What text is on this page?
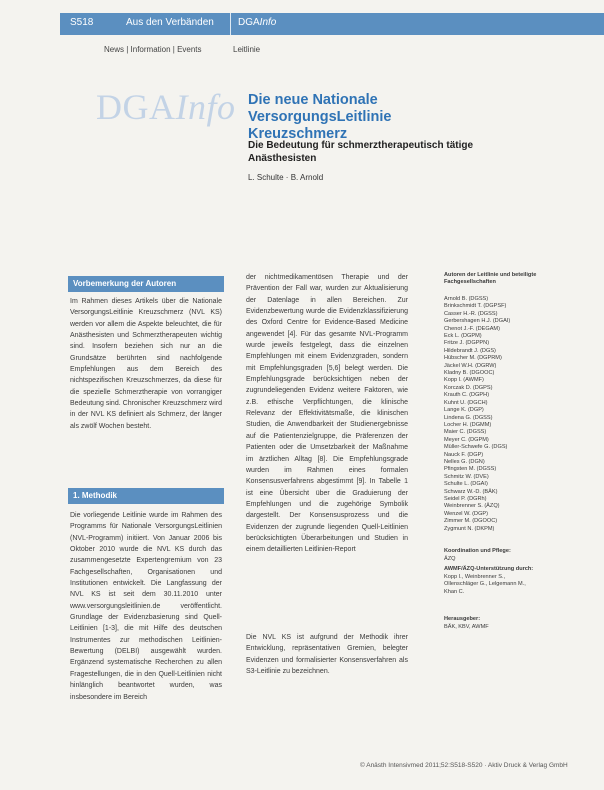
S518	Aus den Verbänden DGAInfo
News | Information | Events	Leitlinie
DGAInfo Die neue Nationale VersorgungsLeitlinie Kreuzschmerz
Die Bedeutung für schmerztherapeutisch tätige Anästhesisten
L. Schulte · B. Arnold
Vorbemerkung der Autoren
Im Rahmen dieses Artikels über die Nationale VersorgungsLeitlinie Kreuzschmerz (NVL KS) werden vor allem die Aspekte beleuchtet, die für Anästhesisten und Schmerztherapeuten wichtig sind. Insofern beziehen sich nur an die Grundsätze berührten sind nachfolgende Empfehlungen aus dem Bereich des nichtspezifischen Kreuzschmerzes, da diese für die spezielle Schmerztherapie von vorrangiger Bedeutung sind. Chronischer Kreuzschmerz wird in der NVL KS definiert als Schmerz, der länger als zwölf Wochen besteht.
1. Methodik
Die vorliegende Leitlinie wurde im Rahmen des Programms für Nationale VersorgungsLeitlinien (NVL-Programm) initiiert. Von Januar 2006 bis Oktober 2010 wurde die NVL KS durch das zusammengesetzte Expertengremium von 23 Fachgesellschaften, Organisationen und Institutionen entwickelt. Die Langfassung der NVL KS ist seit dem 30.11.2010 unter www.versorgungsleitlinien.de veröffentlicht. Grundlage der Evidenzbasierung sind Quell-Leitlinien [1-3], die mit Hilfe des deutschen Instrumentes zur methodischen Leitlinien-Bewertung (DELBI) ausgewählt wurden. Ergänzend systematische Recherchen zu allen Fragestellungen, die in den Quell-Leitlinien nicht hinlänglich beantwortet wurden, was insbesondere im Bereich
der nichtmedikamentösen Therapie und der Prävention der Fall war, wurden zur Aktualisierung der Datenlage in allen Bereichen. Zur Evidenzbewertung wurde die Evidenzklassifizierung des Oxford Centre for Evidence-Based Medicine angewendet [4]. Für das gesamte NVL-Programm wurde jeweils festgelegt, dass die einzelnen Empfehlungen mit einem Evidenzgraden, sondern mit Empfehlungsgraden [5,6] belegt werden. Die Empfehlungsgrade berücksichtigen neben der zugrundeliegenden Evidenz weitere Faktoren, wie z.B. ethische Verpflichtungen, die klinische Relevanz der Effektivitätsmaße, die klinischen Studien, die Anwendbarkeit der Studienergebnisse auf die Patientenzielgruppe, die Präferenzen der Patienten oder die Umsetzbarkeit der Maßnahme im ärztlichen Alltag [8]. Die Empfehlungsgrade wurden im Rahmen eines formalen Konsensusverfahrens abgestimmt [9]. In Tabelle 1 ist eine Übersicht über die Graduierung der Empfehlungen und die zugehörige Symbolik dargestellt. Der Konsensusprozess und die Evidenzen der zugrunde liegenden Quell-Leitlinien berücksichtigten Überarbeitungen und Studien in einem detaillierten Leitlinien-Report
Die NVL KS ist aufgrund der Methodik ihrer Entwicklung, repräsentativen Gremien, belegter Evidenzen und formalisierter Konsensverfahren als S3-Leitlinie zu bezeichnen.
Autoren der Leitlinie und beteiligte Fachgesellschaften
Arnold B. (DGSS)
Brinkschmidt T. (DGPSF)
Casser H.-R. (DGSS)
Gerbershagen H.J. (DGAI)
Chenot J.-F. (DEGAM)
Eck L. (DGPM)
Fritze J. (DGPPN)
Hildebrandt J. (DGS)
Hübscher M. (DGPRM)
Jäckel W.H. (DGRW)
Kladny B. (DGOOC)
Kopp I. (AWMF)
Korczak D. (DGPS)
Krauth C. (DGPH)
Kuhnt U. (DGCH)
Lange K. (DGP)
Lindena G. (DGSS)
Locher H. (DGMM)
Maier C. (DGSS)
Meyer C. (DGPM)
Müller-Schwefe G. (DGS)
Nauck F. (DGP)
Nelles G. (DGN)
Pfingsten M. (DGSS)
Schmitz W. (DVE)
Schulte L. (DGAI)
Schwarz W.-D. (BÄK)
Seidel P. (DGRh)
Weinbrenner S. (ÄZQ)
Wenzel W. (DGP)
Zimmer M. (DGOOC)
Zygmunt N. (DKPM)
Koordination und Pflege:
ÄZQ
AWMF/ÄZQ-Unterstützung durch:
Kopp I., Weinbrenner S., Ollenschläger G., Lelgemann M., Khan C.
Herausgeber:
BÄK, KBV, AWMF
© Anästh Intensivmed 2011;52:S518-S520 · Aktiv Druck & Verlag GmbH
